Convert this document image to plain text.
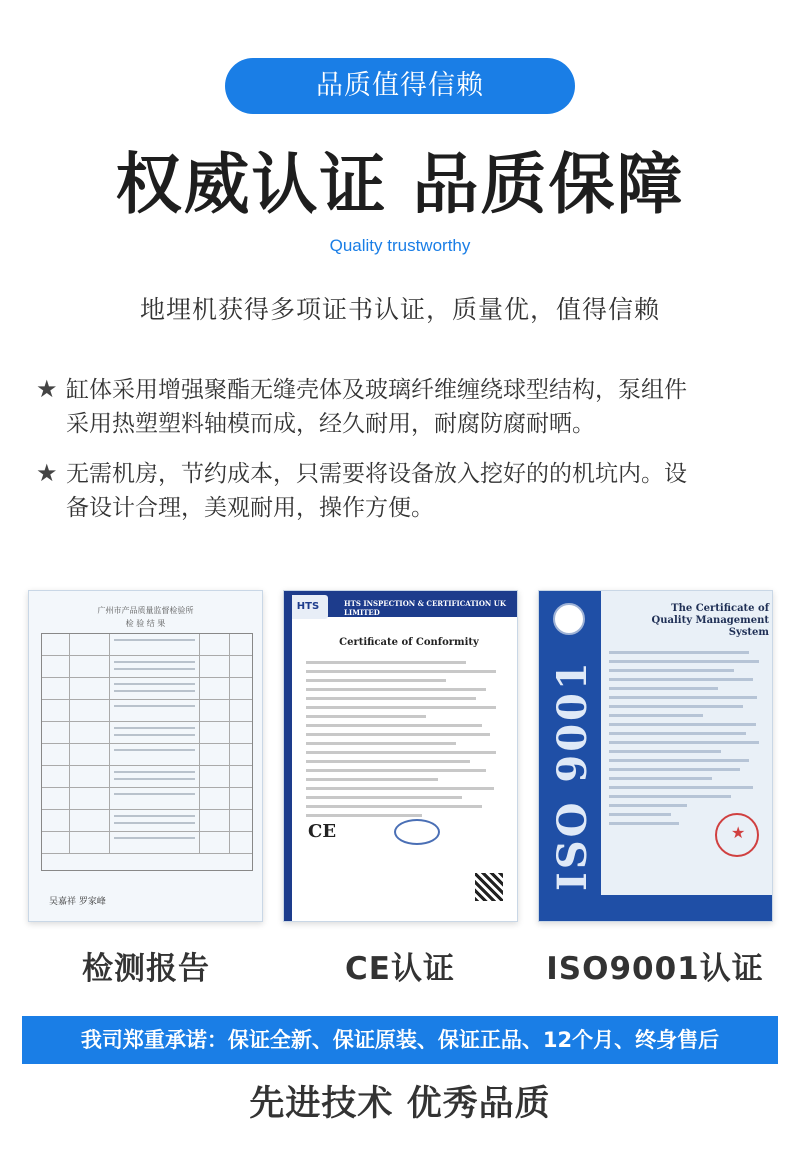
品质值得信赖
权威认证 品质保障
Quality trustworthy
地埋机获得多项证书认证，质量优，值得信赖
★ 缸体采用增强聚酯无缝壳体及玻璃纤维缠绕球型结构，泵组件
采用热塑塑料轴模而成，经久耐用，耐腐防腐耐晒。
★ 无需机房，节约成本，只需要将设备放入挖好的的机坑内。设
备设计合理，美观耐用，操作方便。
广州市产品质量监督检验所
检 验 结 果
吴嘉祥 罗家峰
检测报告
HTS INSPECTION & CERTIFICATION UK LIMITED
HTS
Certificate of Conformity
CE
CE认证
ISO 9001
The Certificate of
Quality Management System
★
ISO9001认证
我司郑重承诺：保证全新、保证原装、保证正品、12个月、终身售后
先进技术 优秀品质
